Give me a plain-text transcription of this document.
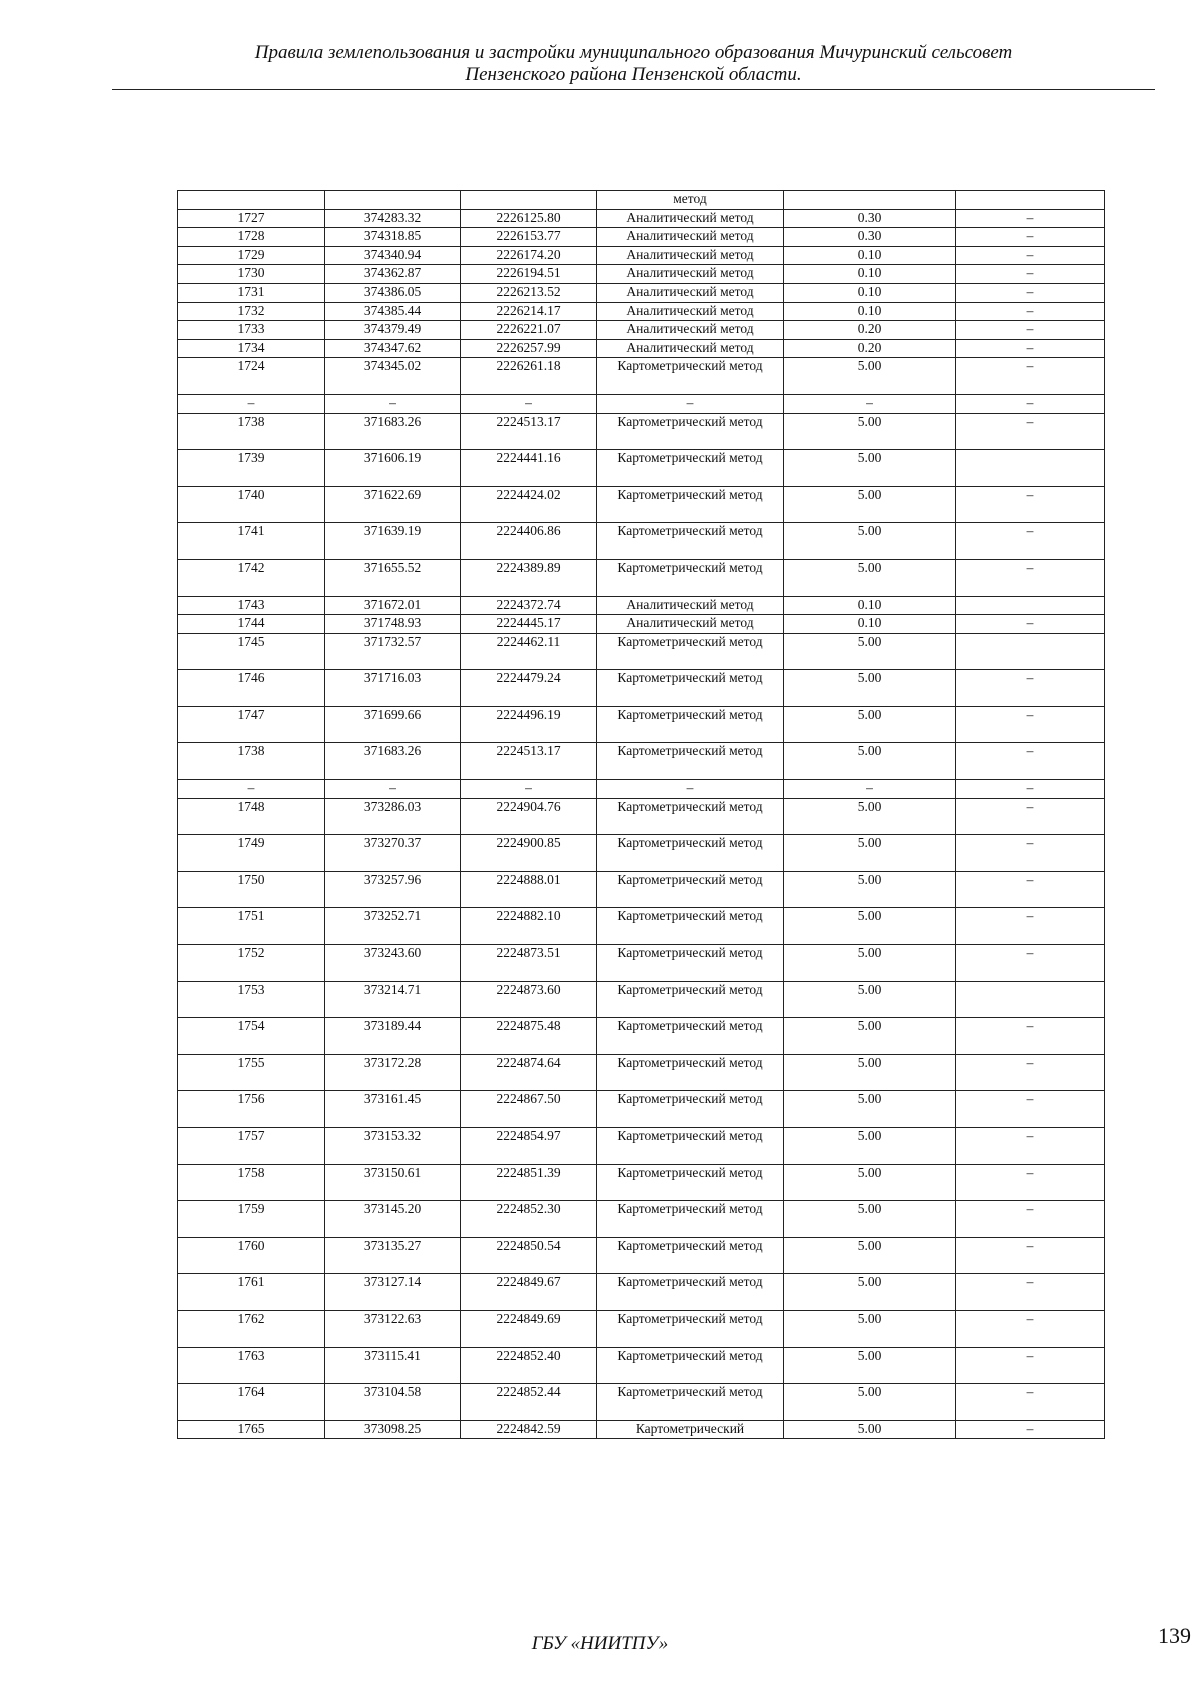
Правила землепользования и застройки муниципального образования Мичуринский сельсовет
Пензенского района Пензенской области.
			метод		
1727	374283.32	2226125.80	Аналитический метод	0.30	–
1728	374318.85	2226153.77	Аналитический метод	0.30	–
1729	374340.94	2226174.20	Аналитический метод	0.10	–
1730	374362.87	2226194.51	Аналитический метод	0.10	–
1731	374386.05	2226213.52	Аналитический метод	0.10	–
1732	374385.44	2226214.17	Аналитический метод	0.10	–
1733	374379.49	2226221.07	Аналитический метод	0.20	–
1734	374347.62	2226257.99	Аналитический метод	0.20	–
1724	374345.02	2226261.18	Картометрический метод	5.00	–
–	–	–	–	–	–
1738	371683.26	2224513.17	Картометрический метод	5.00	–
1739	371606.19	2224441.16	Картометрический метод	5.00	
1740	371622.69	2224424.02	Картометрический метод	5.00	–
1741	371639.19	2224406.86	Картометрический метод	5.00	–
1742	371655.52	2224389.89	Картометрический метод	5.00	–
1743	371672.01	2224372.74	Аналитический метод	0.10	
1744	371748.93	2224445.17	Аналитический метод	0.10	–
1745	371732.57	2224462.11	Картометрический метод	5.00	
1746	371716.03	2224479.24	Картометрический метод	5.00	–
1747	371699.66	2224496.19	Картометрический метод	5.00	–
1738	371683.26	2224513.17	Картометрический метод	5.00	–
–	–	–	–	–	–
1748	373286.03	2224904.76	Картометрический метод	5.00	–
1749	373270.37	2224900.85	Картометрический метод	5.00	–
1750	373257.96	2224888.01	Картометрический метод	5.00	–
1751	373252.71	2224882.10	Картометрический метод	5.00	–
1752	373243.60	2224873.51	Картометрический метод	5.00	–
1753	373214.71	2224873.60	Картометрический метод	5.00	
1754	373189.44	2224875.48	Картометрический метод	5.00	–
1755	373172.28	2224874.64	Картометрический метод	5.00	–
1756	373161.45	2224867.50	Картометрический метод	5.00	–
1757	373153.32	2224854.97	Картометрический метод	5.00	–
1758	373150.61	2224851.39	Картометрический метод	5.00	–
1759	373145.20	2224852.30	Картометрический метод	5.00	–
1760	373135.27	2224850.54	Картометрический метод	5.00	–
1761	373127.14	2224849.67	Картометрический метод	5.00	–
1762	373122.63	2224849.69	Картометрический метод	5.00	–
1763	373115.41	2224852.40	Картометрический метод	5.00	–
1764	373104.58	2224852.44	Картометрический метод	5.00	–
1765	373098.25	2224842.59	Картометрический	5.00	–
ГБУ «НИИТПУ»	139
